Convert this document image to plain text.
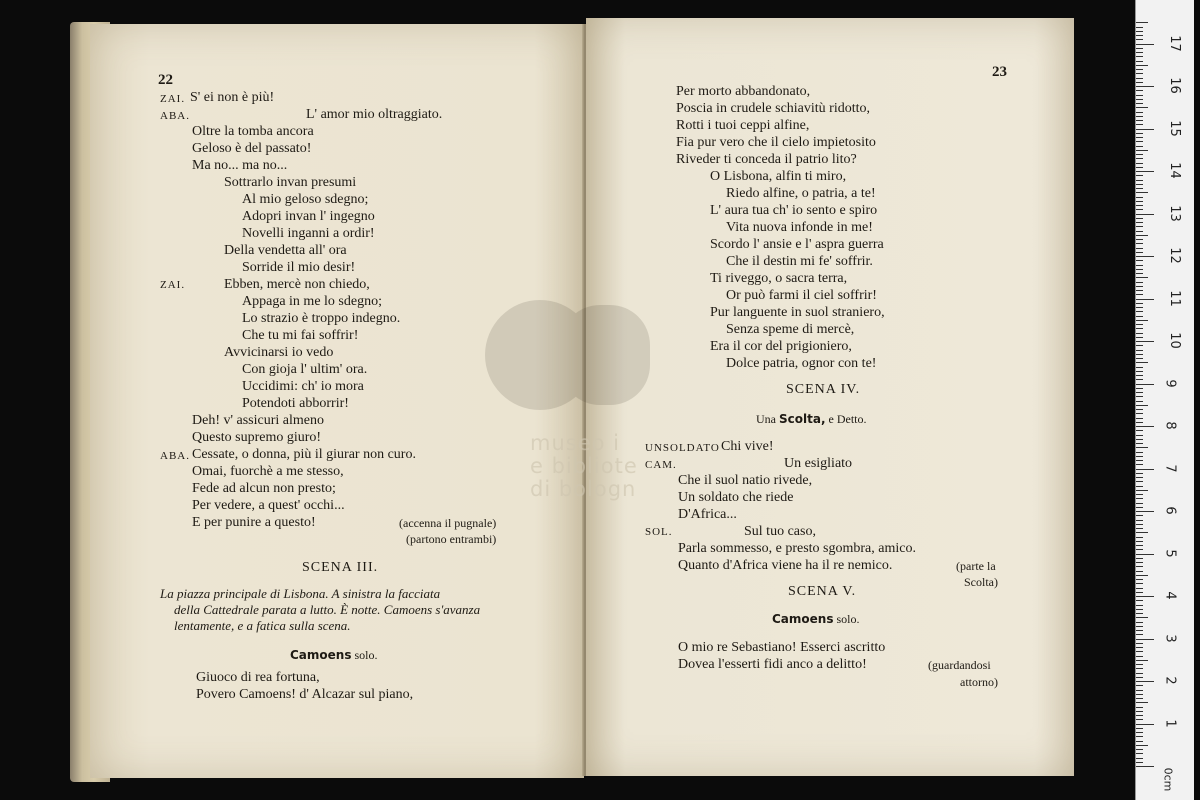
22
ZAI. S' ei non è più!
ABA.	L' amor mio oltraggiato.
Oltre la tomba ancora
Geloso è del passato!
Ma no... ma no...
Sottrarlo invan presumi
Al mio geloso sdegno;
Adopri invan l' ingegno
Novelli inganni a ordir!
Della vendetta all' ora
Sorride il mio desir!
ZAI.	Ebben, mercè non chiedo,
Appaga in me lo sdegno;
Lo strazio è troppo indegno.
Che tu mi fai soffrir!
Avvicinarsi io vedo
Con gioja l' ultim' ora.
Uccidimi: ch' io mora
Potendoti abborrir!
Deh! v' assicuri almeno
Questo supremo giuro!
ABA. Cessate, o donna, più il giurar non curo.
Omai, fuorchè a me stesso,
Fede ad alcun non presto;
Per vedere, a quest' occhi...
E per punire a questo!	(accenna il pugnale)
(partono entrambi)
SCENA III.
La piazza principale di Lisbona. A sinistra la facciata
della Cattedrale parata a lutto. È notte. Camoens s'avanza
lentamente, e a fatica sulla scena.
Camoens solo.
Giuoco di rea fortuna,
Povero Camoens! d' Alcazar sul piano,
23
Per morto abbandonato,
Poscia in crudele schiavitù ridotto,
Rotti i tuoi ceppi alfine,
Fia pur vero che il cielo impietosito
Riveder ti conceda il patrio lito?
O Lisbona, alfin ti miro,
Riedo alfine, o patria, a te!
L' aura tua ch' io sento e spiro
Vita nuova infonde in me!
Scordo l' ansie e l' aspra guerra
Che il destin mi fe' soffrir.
Ti riveggo, o sacra terra,
Or può farmi il ciel soffrir!
Pur languente in suol straniero,
Senza speme di mercè,
Era il cor del prigioniero,
Dolce patria, ognor con te!
SCENA IV.
Una Scolta, e Detto.
UNSOLDATO Chi vive!
CAM.	Un esigliato
Che il suol natio rivede,
Un soldato che riede
D'Africa...
SOL.	Sul tuo caso,
Parla sommesso, e presto sgombra, amico.
Quanto d'Africa viene ha il re nemico.	(parte la
Scolta)
SCENA V.
Camoens solo.
O mio re Sebastiano! Esserci ascritto
Dovea l'esserti fidi anco a delitto!	(guardandosi
attorno)
museo i
e bibliote
di bologn
1
2
3
4
5
6
7
8
9
10
11
12
13
14
15
16
17
0cm
